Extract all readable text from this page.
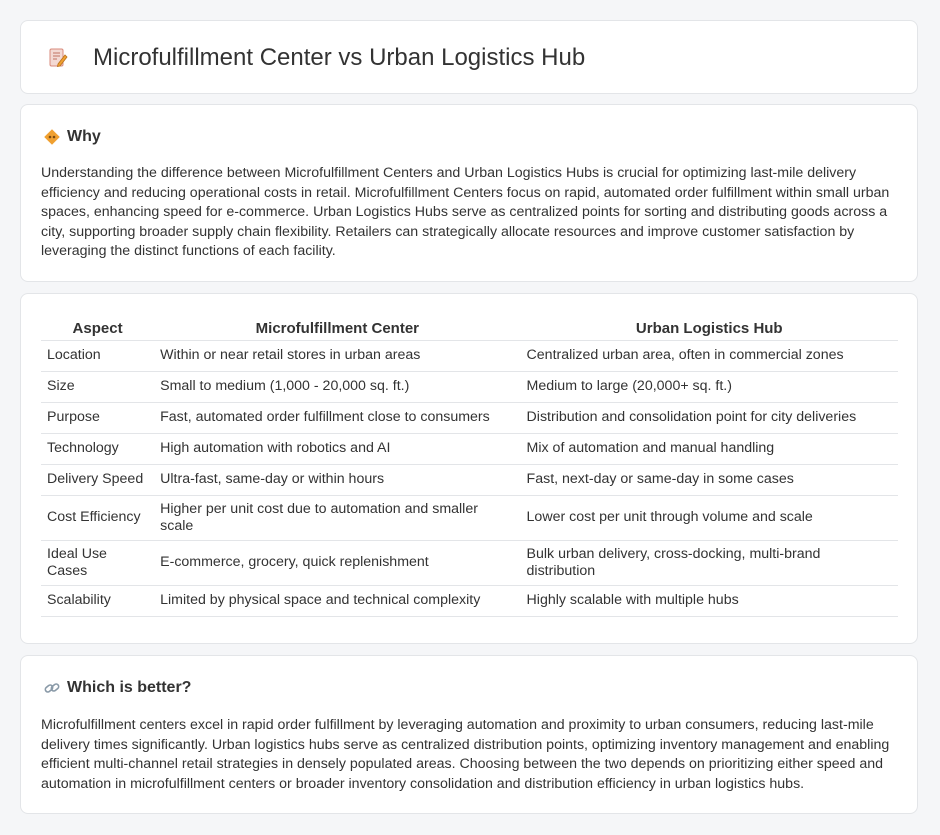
Microfulfillment Center vs Urban Logistics Hub
Why

Understanding the difference between Microfulfillment Centers and Urban Logistics Hubs is crucial for optimizing last-mile delivery efficiency and reducing operational costs in retail. Microfulfillment Centers focus on rapid, automated order fulfillment within small urban spaces, enhancing speed for e-commerce. Urban Logistics Hubs serve as centralized points for sorting and distributing goods across a city, supporting broader supply chain flexibility. Retailers can strategically allocate resources and improve customer satisfaction by leveraging the distinct functions of each facility.

Aspect	Microfulfillment Center	Urban Logistics Hub
Location	Within or near retail stores in urban areas	Centralized urban area, often in commercial zones
Size	Small to medium (1,000 - 20,000 sq. ft.)	Medium to large (20,000+ sq. ft.)
Purpose	Fast, automated order fulfillment close to consumers	Distribution and consolidation point for city deliveries
Technology	High automation with robotics and AI	Mix of automation and manual handling
Delivery Speed	Ultra-fast, same-day or within hours	Fast, next-day or same-day in some cases
Cost Efficiency	Higher per unit cost due to automation and smaller scale	Lower cost per unit through volume and scale
Ideal Use Cases	E-commerce, grocery, quick replenishment	Bulk urban delivery, cross-docking, multi-brand distribution
Scalability	Limited by physical space and technical complexity	Highly scalable with multiple hubs
Which is better?

Microfulfillment centers excel in rapid order fulfillment by leveraging automation and proximity to urban consumers, reducing last-mile delivery times significantly. Urban logistics hubs serve as centralized distribution points, optimizing inventory management and enabling efficient multi-channel retail strategies in densely populated areas. Choosing between the two depends on prioritizing either speed and automation in microfulfillment centers or broader inventory consolidation and distribution efficiency in urban logistics hubs.
